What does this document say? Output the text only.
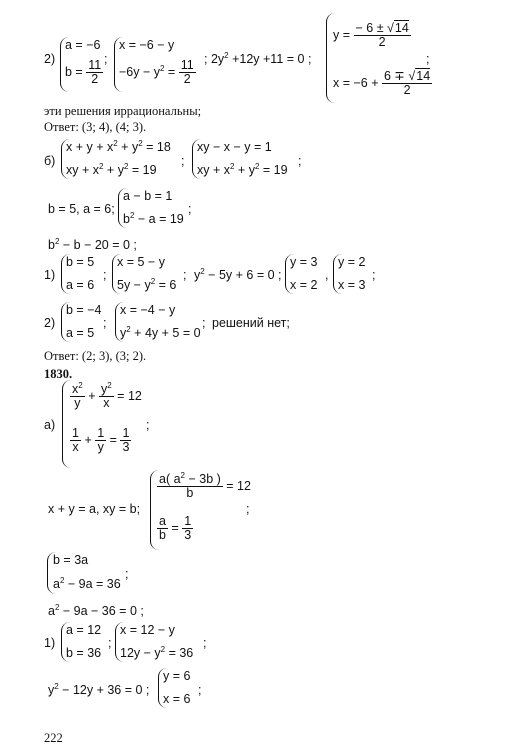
2)
a = −6
$b = \frac{11}{2}$ ;
x = −6 − y
$-6y - y^2 = \frac{11}{2}$ ; $2y^2 +12y +11 = 0$ ;
$y = \frac{- 6 \pm √14}{2}$
$x = -6 + \frac{6 \mp √14}{2}$
;
эти решения иррациональны;
Ответ: (3; 4), (4; 3).
б)
$x + y + x^2 + y^2 = 18$
xy + $x^2 + y^2 = 19$
;
xy − x − y = 1
xy + $x^2 + y^2 = 19$
;
b = 5, a = 6;
a − b = 1
$b^2 - a = 19$
;
$b^2 - b - 20 = 0$ ;
1)
b = 5
a = 6
;
x = 5 − y
$5y - y^2 = 6$
; $y^2 - 5y + 6 = 0$ ;
y = 3
x = 2
,
y = 2
x = 3
;
2)
b = −4
a = 5
;
x = −4 − y
$y^2 + 4y + 5 = 0$
; решений нет;
Ответ: (2; 3), (3; 2).
1830.
а)
$\frac{x^2}{y} + \frac{y^2}{x} = 12$
$\frac{1}{x} + \frac{1}{y} = \frac{1}{3}$
;
x + y = a, xy = b;
$\frac{a( a^2 - 3b )}{b} = 12$
$\frac{a}{b} = \frac{1}{3}$
;
b = 3a
$a^2 - 9a = 36$
;
$a^2 - 9a - 36 = 0$ ;
1)
a = 12
b = 36
;
x = 12 − y
$12y - y^2 = 36$
;
$y^2 - 12y + 36 = 0$ ;
y = 6
x = 6
;
222
